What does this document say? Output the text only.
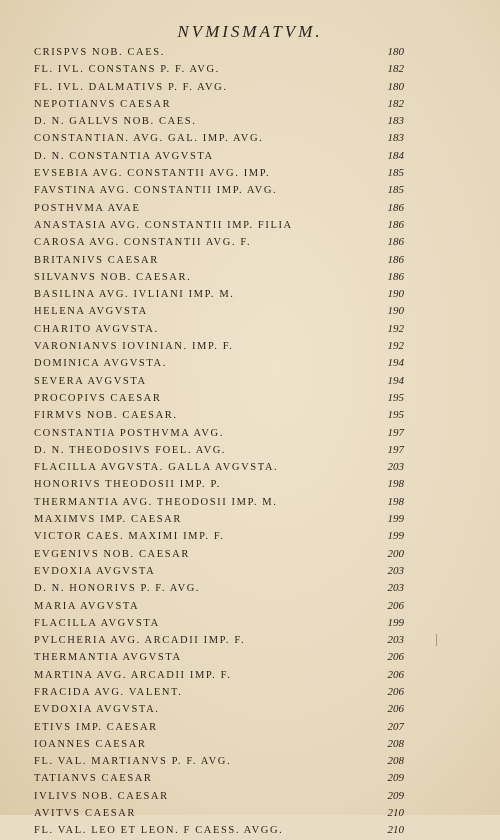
NVMISMATVM.
CRISPVS NOB. CAES.	180
FL. IVL. CONSTANS P. F. AVG.	182
FL. IVL. DALMATIVS P. F. AVG.	180
NEPOTIANVS CAESAR	182
D. N. GALLVS NOB. CAES.	183
CONSTANTIAN. AVG. GAL. IMP. AVG.	183
D. N. CONSTANTIA AVGVSTA	184
EVSEBIA AVG. CONSTANTII AVG. IMP.	185
FAVSTINA AVG. CONSTANTII IMP. AVG.	185
POSTHVMA AVAE	186
ANASTASIA AVG. CONSTANTII IMP. FILIA	186
CAROSA AVG. CONSTANTII AVG. F.	186
BRITANIVS CAESAR	186
SILVANVS NOB. CAESAR.	186
BASILINA AVG. IVLIANI IMP. M.	190
HELENA AVGVSTA	190
CHARITO AVGVSTA.	192
VARONIANVS IOVINIAN. IMP. F.	192
DOMINICA AVGVSTA.	194
SEVERA AVGVSTA	194
PROCOPIVS CAESAR	195
FIRMVS NOB. CAESAR.	195
CONSTANTIA POSTHVMA AVG.	197
D. N. THEODOSIVS FOEL. AVG.	197
FLACILLA AVGVSTA. GALLA AVGVSTA.	203
HONORIVS THEODOSII IMP. P.	198
THERMANTIA AVG. THEODOSII IMP. M.	198
MAXIMVS IMP. CAESAR	199
VICTOR CAES. MAXIMI IMP. F.	199
EVGENIVS NOB. CAESAR	200
EVDOXIA AVGVSTA	203
D. N. HONORIVS P. F. AVG.	203
MARIA AVGVSTA	206
FLACILLA AVGVSTA	199
PVLCHERIA AVG. ARCADII IMP. F.	203
THERMANTIA AVGVSTA	206
MARTINA AVG. ARCADII IMP. F.	206
FRACIDA AVG. VALENT.	206
EVDOXIA AVGVSTA.	206
ETIVS IMP. CAESAR	207
IOANNES CAESAR	208
FL. VAL. MARTIANVS P. F. AVG.	208
TATIANVS CAESAR	209
IVLIVS NOB. CAESAR	209
AVITVS CAESAR	210
FL. VAL. LEO ET LEON. F CAESS. AVGG.	210
